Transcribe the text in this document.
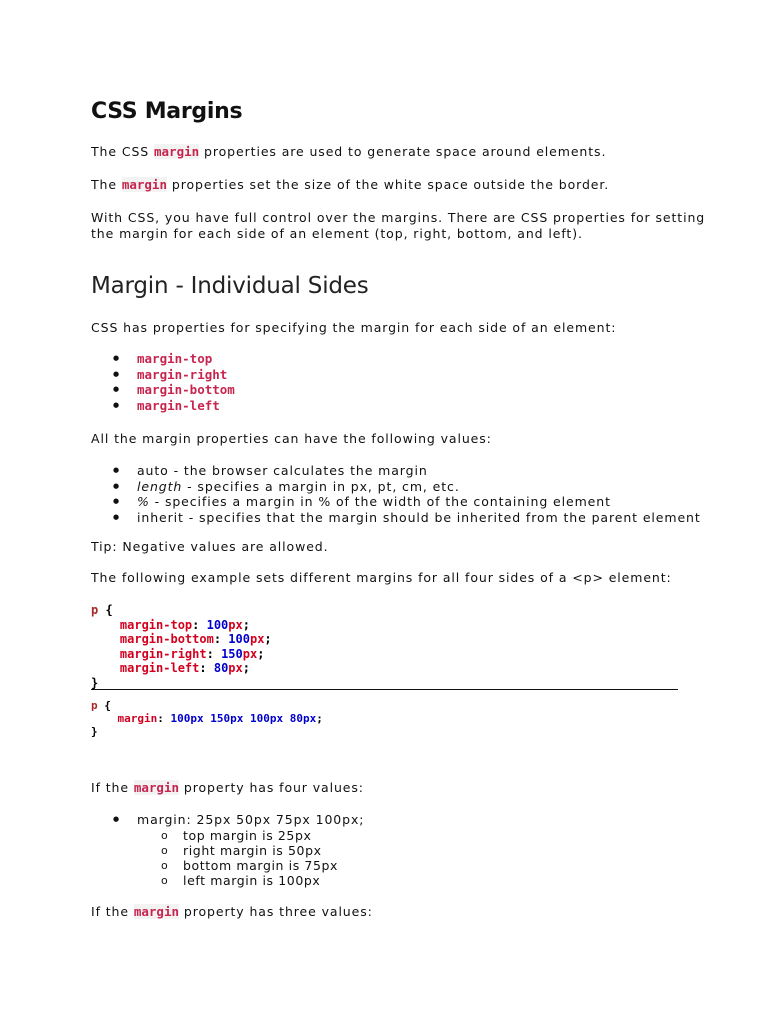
CSS Margins
The CSS margin properties are used to generate space around elements.
The margin properties set the size of the white space outside the border.
With CSS, you have full control over the margins. There are CSS properties for setting
the margin for each side of an element (top, right, bottom, and left).
Margin - Individual Sides
CSS has properties for specifying the margin for each side of an element:
● margin-top
● margin-right
● margin-bottom
● margin-left
All the margin properties can have the following values:
● auto - the browser calculates the margin
● length - specifies a margin in px, pt, cm, etc.
● % - specifies a margin in % of the width of the containing element
● inherit - specifies that the margin should be inherited from the parent element
Tip: Negative values are allowed.
The following example sets different margins for all four sides of a <p> element:
p {
margin-top: 100px;
margin-bottom: 100px;
margin-right: 150px;
margin-left: 80px;
}
p {
margin: 100px 150px 100px 80px;
}
If the margin property has four values:
● margin: 25px 50px 75px 100px;
o top margin is 25px
o right margin is 50px
o bottom margin is 75px
o left margin is 100px
If the margin property has three values:
